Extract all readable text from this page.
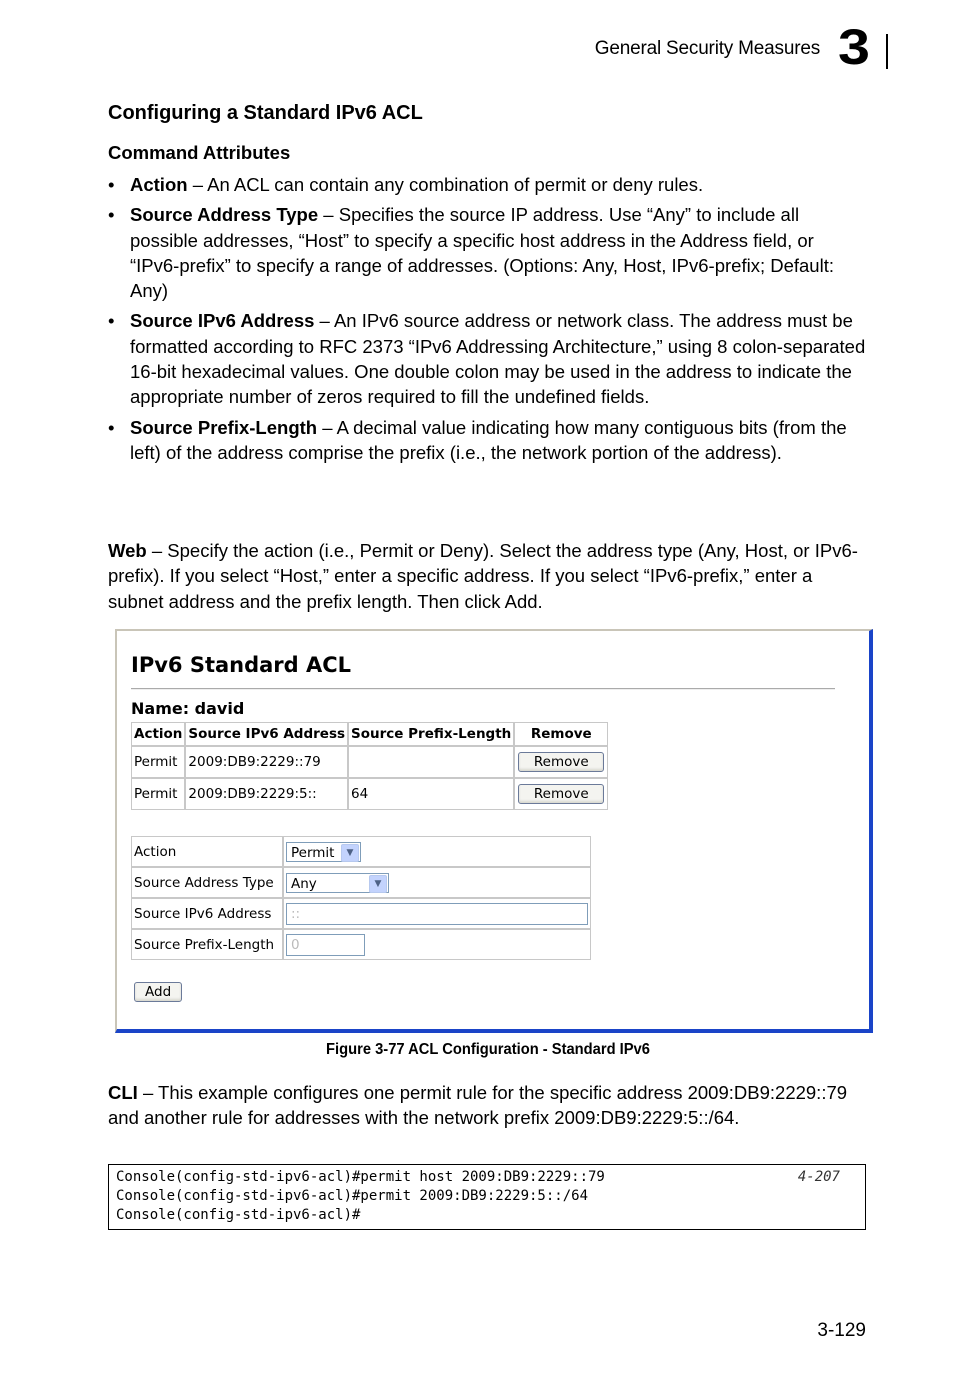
General Security Measures 3
Configuring a Standard IPv6 ACL
Command Attributes
• Action – An ACL can contain any combination of permit or deny rules.
• Source Address Type – Specifies the source IP address. Use “Any” to include all possible addresses, “Host” to specify a specific host address in the Address field, or “IPv6-prefix” to specify a range of addresses. (Options: Any, Host, IPv6-prefix; Default: Any)
• Source IPv6 Address – An IPv6 source address or network class. The address must be formatted according to RFC 2373 “IPv6 Addressing Architecture,” using 8 colon-separated 16-bit hexadecimal values. One double colon may be used in the address to indicate the appropriate number of zeros required to fill the undefined fields.
• Source Prefix-Length – A decimal value indicating how many contiguous bits (from the left) of the address comprise the prefix (i.e., the network portion of the address).

Web – Specify the action (i.e., Permit or Deny). Select the address type (Any, Host, or IPv6-prefix). If you select “Host,” enter a specific address. If you select “IPv6-prefix,” enter a subnet address and the prefix length. Then click Add.

IPv6 Standard ACL
Name: david
Action	Source IPv6 Address	Source Prefix-Length	Remove
Permit	2009:DB9:2229::79		Remove
Permit	2009:DB9:2229:5::	64	Remove
Action	Permit ▼

Source Address Type	Any ▼

Source IPv6 Address	::
Source Prefix-Length	0
Add
Figure 3-77 ACL Configuration - Standard IPv6

CLI – This example configures one permit rule for the specific address 2009:DB9:2229::79 and another rule for addresses with the network prefix 2009:DB9:2229:5::/64.

Console(config-std-ipv6-acl)#permit host 2009:DB9:2229::79	4-207
Console(config-std-ipv6-acl)#permit 2009:DB9:2229:5::/64
Console(config-std-ipv6-acl)#
3-129
